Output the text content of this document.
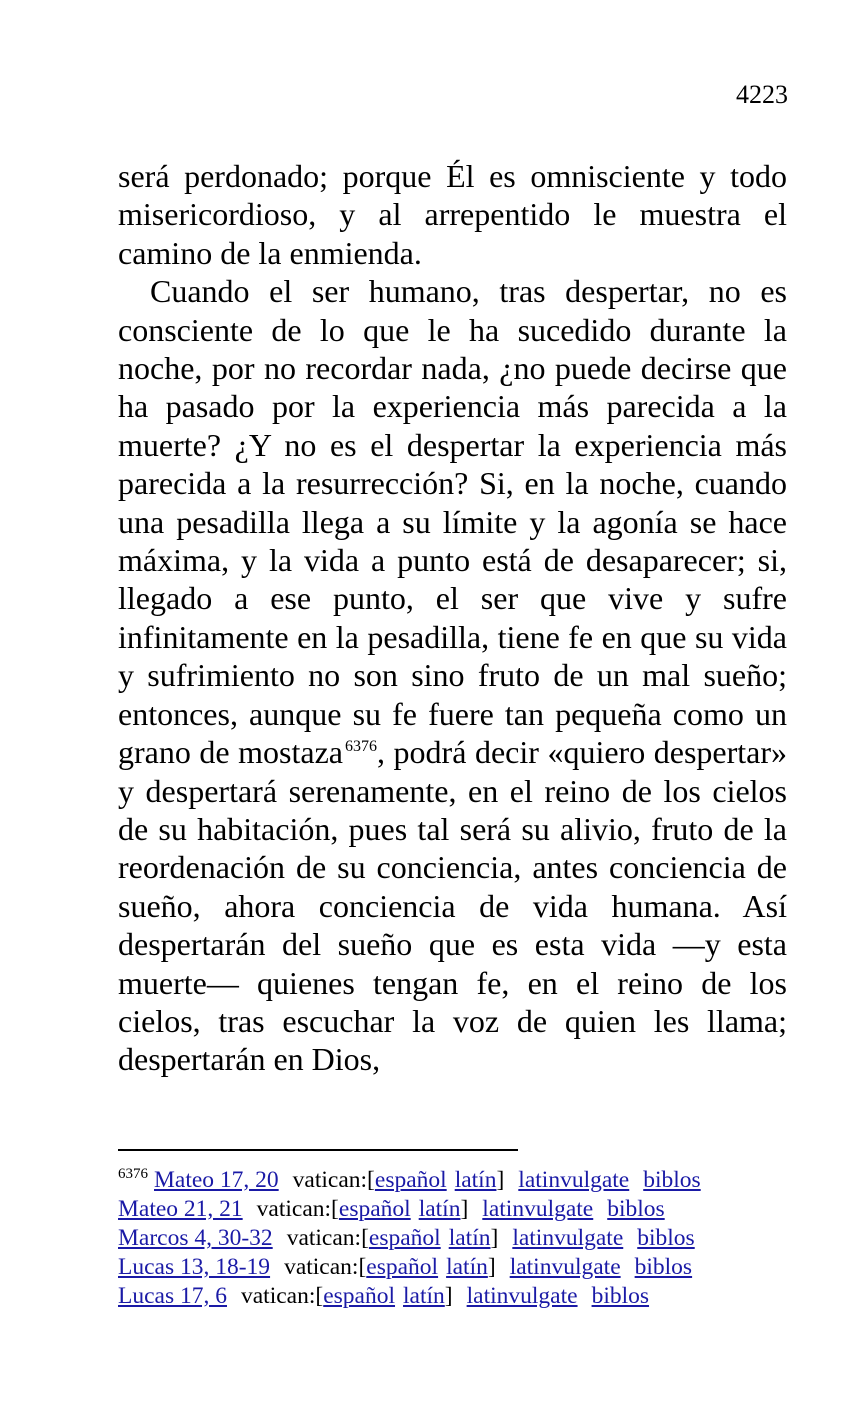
4223

será perdonado; porque Él es omnisciente y todo misericordioso, y al arrepentido le muestra el camino de la enmienda.

Cuando el ser humano, tras despertar, no es consciente de lo que le ha sucedido durante la noche, por no recordar nada, ¿no puede decirse que ha pasado por la experiencia más parecida a la muerte? ¿Y no es el despertar la experiencia más parecida a la resurrección? Si, en la noche, cuando una pesadilla llega a su límite y la agonía se hace máxima, y la vida a punto está de desaparecer; si, llegado a ese punto, el ser que vive y sufre infinitamente en la pesadilla, tiene fe en que su vida y sufrimiento no son sino fruto de un mal sueño; entonces, aunque su fe fuere tan pequeña como un grano de mostaza $^{6376}$, podrá decir «quiero despertar» y despertará serenamente, en el reino de los cielos de su habitación, pues tal será su alivio, fruto de la reordenación de su conciencia, antes conciencia de sueño, ahora conciencia de vida humana. Así despertarán del sueño que es esta vida —y esta muerte— quienes tengan fe, en el reino de los cielos, tras escuchar la voz de quien les llama; despertarán en Dios,

$^{6376}$ Mateo 17, 20 vatican:[español latín] latinvulgate biblos
Mateo 21, 21 vatican:[español latín] latinvulgate biblos
Marcos 4, 30-32 vatican:[español latín] latinvulgate biblos
Lucas 13, 18-19 vatican:[español latín] latinvulgate biblos
Lucas 17, 6 vatican:[español latín] latinvulgate biblos
